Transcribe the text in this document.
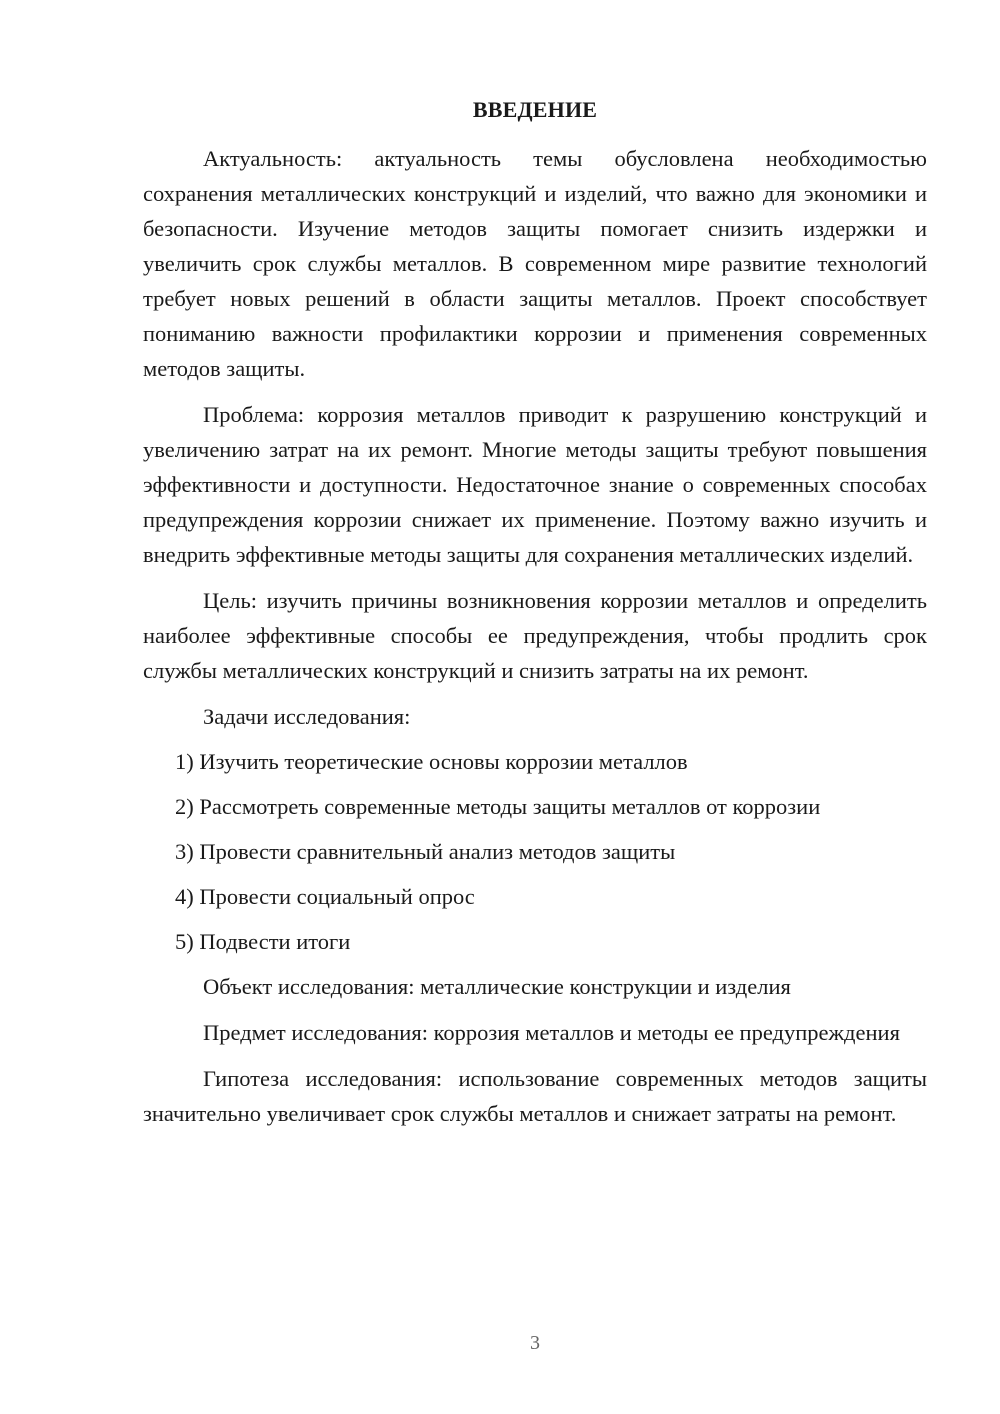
ВВЕДЕНИЕ

Актуальность: актуальность темы обусловлена необходимостью сохранения металлических конструкций и изделий, что важно для экономики и безопасности. Изучение методов защиты помогает снизить издержки и увеличить срок службы металлов. В современном мире развитие технологий требует новых решений в области защиты металлов. Проект способствует пониманию важности профилактики коррозии и применения современных методов защиты.

Проблема: коррозия металлов приводит к разрушению конструкций и увеличению затрат на их ремонт. Многие методы защиты требуют повышения эффективности и доступности. Недостаточное знание о современных способах предупреждения коррозии снижает их применение. Поэтому важно изучить и внедрить эффективные методы защиты для сохранения металлических изделий.

Цель: изучить причины возникновения коррозии металлов и определить наиболее эффективные способы ее предупреждения, чтобы продлить срок службы металлических конструкций и снизить затраты на их ремонт.

Задачи исследования:

1) Изучить теоретические основы коррозии металлов
2) Рассмотреть современные методы защиты металлов от коррозии
3) Провести сравнительный анализ методов защиты
4) Провести социальный опрос
5) Подвести итоги

Объект исследования: металлические конструкции и изделия

Предмет исследования: коррозия металлов и методы ее предупреждения

Гипотеза исследования: использование современных методов защиты значительно увеличивает срок службы металлов и снижает затраты на ремонт.

3
